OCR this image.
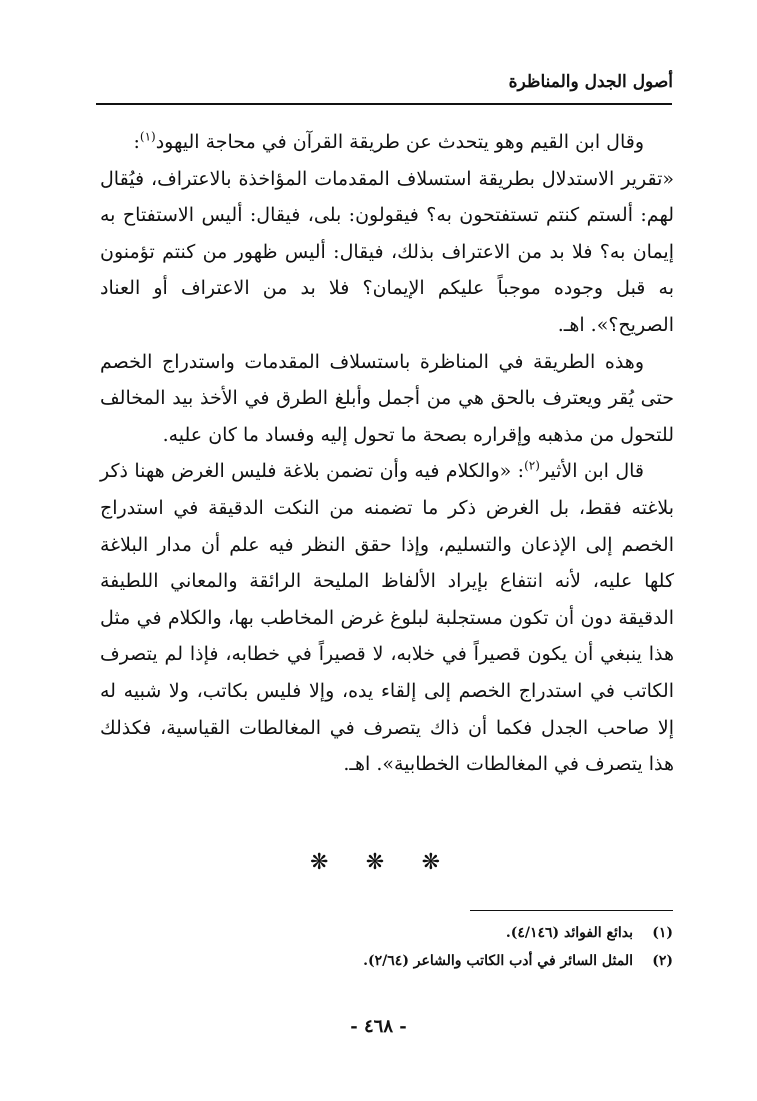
أصول الجدل والمناظرة

وقال ابن القيم وهو يتحدث عن طريقة القرآن في محاجة اليهود$^{(١)}$:

«تقرير الاستدلال بطريقة استسلاف المقدمات المؤاخذة بالاعتراف، فيُقال لهم: ألستم كنتم تستفتحون به؟ فيقولون: بلى، فيقال: أليس الاستفتاح به إيمان به؟ فلا بد من الاعتراف بذلك، فيقال: أليس ظهور من كنتم تؤمنون به قبل وجوده موجباً عليكم الإيمان؟ فلا بد من الاعتراف أو العناد الصريح؟». اهـ.

وهذه الطريقة في المناظرة باستسلاف المقدمات واستدراج الخصم حتى يُقر ويعترف بالحق هي من أجمل وأبلغ الطرق في الأخذ بيد المخالف للتحول من مذهبه وإقراره بصحة ما تحول إليه وفساد ما كان عليه.

قال ابن الأثير$^{(٢)}$: «والكلام فيه وأن تضمن بلاغة فليس الغرض ههنا ذكر بلاغته فقط، بل الغرض ذكر ما تضمنه من النكت الدقيقة في استدراج الخصم إلى الإذعان والتسليم، وإذا حقق النظر فيه علم أن مدار البلاغة كلها عليه، لأنه انتفاع بإيراد الألفاظ المليحة الرائقة والمعاني اللطيفة الدقيقة دون أن تكون مستجلبة لبلوغ غرض المخاطب بها، والكلام في مثل هذا ينبغي أن يكون قصيراً في خلابه، لا قصيراً في خطابه، فإذا لم يتصرف الكاتب في استدراج الخصم إلى إلقاء يده، وإلا فليس بكاتب، ولا شبيه له إلا صاحب الجدل فكما أن ذاك يتصرف في المغالطات القياسية، فكذلك هذا يتصرف في المغالطات الخطابية». اهـ.

❋ ❋ ❋
(١)
بدائع الفوائد (٤/١٤٦).
(٢)
المثل السائر في أدب الكاتب والشاعر (٢/٦٤).
- ٤٦٨ -
